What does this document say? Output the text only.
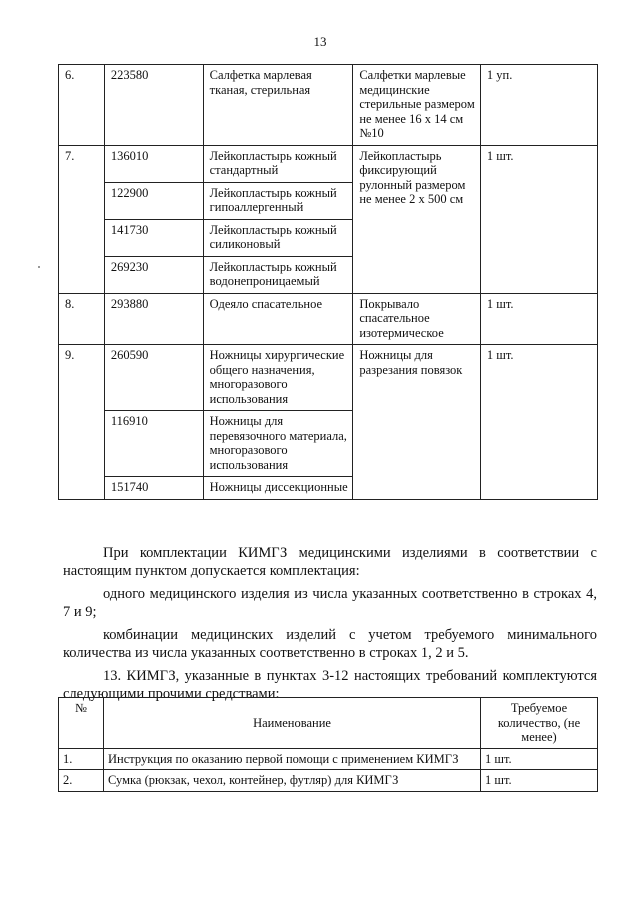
13
6.	223580	Салфетка марлевая тканая, стерильная	Салфетки марлевые медицинские стерильные размером не менее 16 x 14 см №10	1 уп.
7.	136010	Лейкопластырь кожный стандартный	Лейкопластырь фиксирующий рулонный размером не менее 2 x 500 см	1 шт.
	122900	Лейкопластырь кожный гипоаллергенный		
	141730	Лейкопластырь кожный силиконовый		
	269230	Лейкопластырь кожный водонепроницаемый		
8.	293880	Одеяло спасательное	Покрывало спасательное изотермическое	1 шт.
9.	260590	Ножницы хирургические общего назначения, многоразового использования	Ножницы для разрезания повязок	1 шт.
	116910	Ножницы для перевязочного материала, многоразового использования		
	151740	Ножницы диссекционные		

При комплектации КИМГЗ медицинскими изделиями в соответствии с настоящим пунктом допускается комплектация:

одного медицинского изделия из числа указанных соответственно в строках 4, 7 и 9;

комбинации медицинских изделий с учетом требуемого минимального количества из числа указанных соответственно в строках 1, 2 и 5.

13. КИМГЗ, указанные в пунктах 3-12 настоящих требований комплектуются следующими прочими средствами:

№	Наименование	Требуемое количество, (не менее)
1.	Инструкция по оказанию первой помощи с применением КИМГЗ	1 шт.
2.	Сумка (рюкзак, чехол, контейнер, футляр) для КИМГЗ	1 шт.
